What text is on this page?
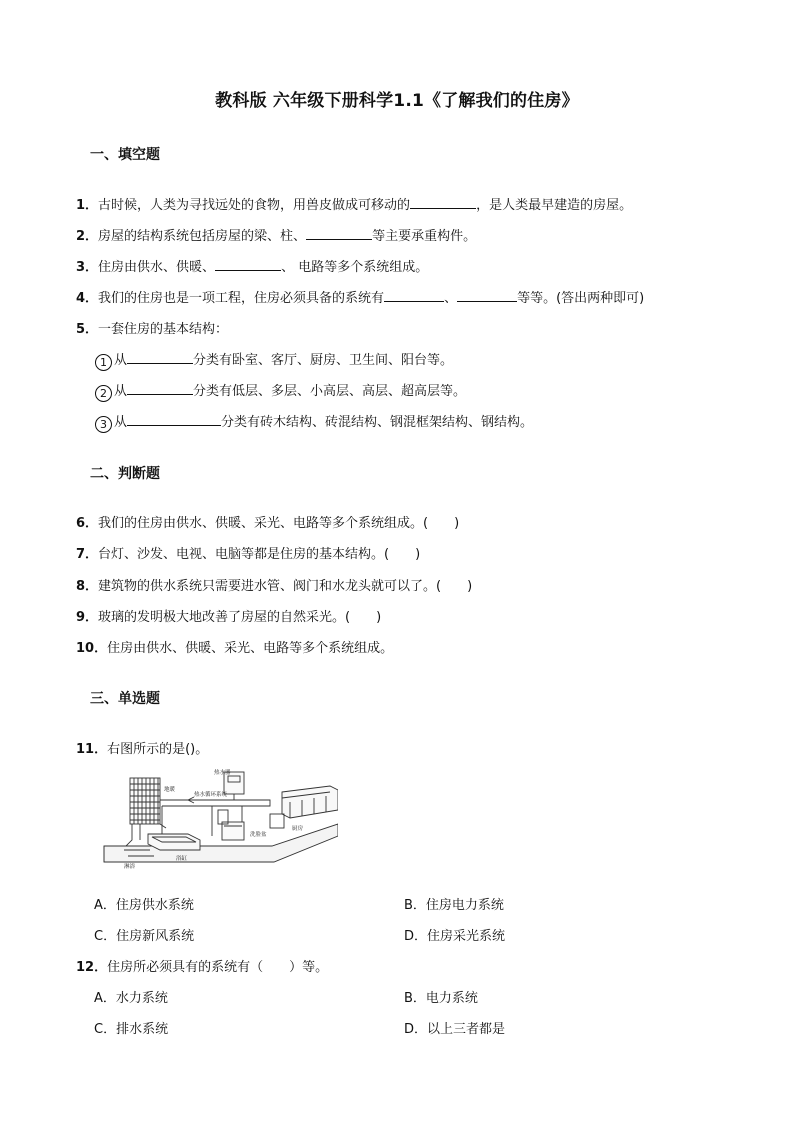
教科版 六年级下册科学1.1《了解我们的住房》
一、填空题
1．古时候，人类为寻找远处的食物，用兽皮做成可移动的	，是人类最早建造的房屋。
2．房屋的结构系统包括房屋的梁、柱、	等主要承重构件。
3．住房由供水、供暖、	、 电路等多个系统组成。
4．我们的住房也是一项工程，住房必须具备的系统有	、	等等。(答出两种即可)
5．一套住房的基本结构：
1 从	分类有卧室、客厅、厨房、卫生间、阳台等。
2 从	分类有低层、多层、小高层、高层、超高层等。
3 从	分类有砖木结构、砖混结构、钢混框架结构、钢结构。
二、判断题
6．我们的住房由供水、供暖、采光、电路等多个系统组成。(　　)
7．台灯、沙发、电视、电脑等都是住房的基本结构。(　　)
8．建筑物的供水系统只需要进水管、阀门和水龙头就可以了。(　　)
9．玻璃的发明极大地改善了房屋的自然采光。(　　)
10．住房由供水、供暖、采光、电路等多个系统组成。
三、单选题
11．右图所示的是()。
热水器
地暖
热水循环系统
淋浴
浴缸
洗脸盆
厨房
A．住房供水系统	B．住房电力系统
C．住房新风系统	D．住房采光系统
12．住房所必须具有的系统有（　　）等。
A．水力系统	B．电力系统
C．排水系统	D．以上三者都是
